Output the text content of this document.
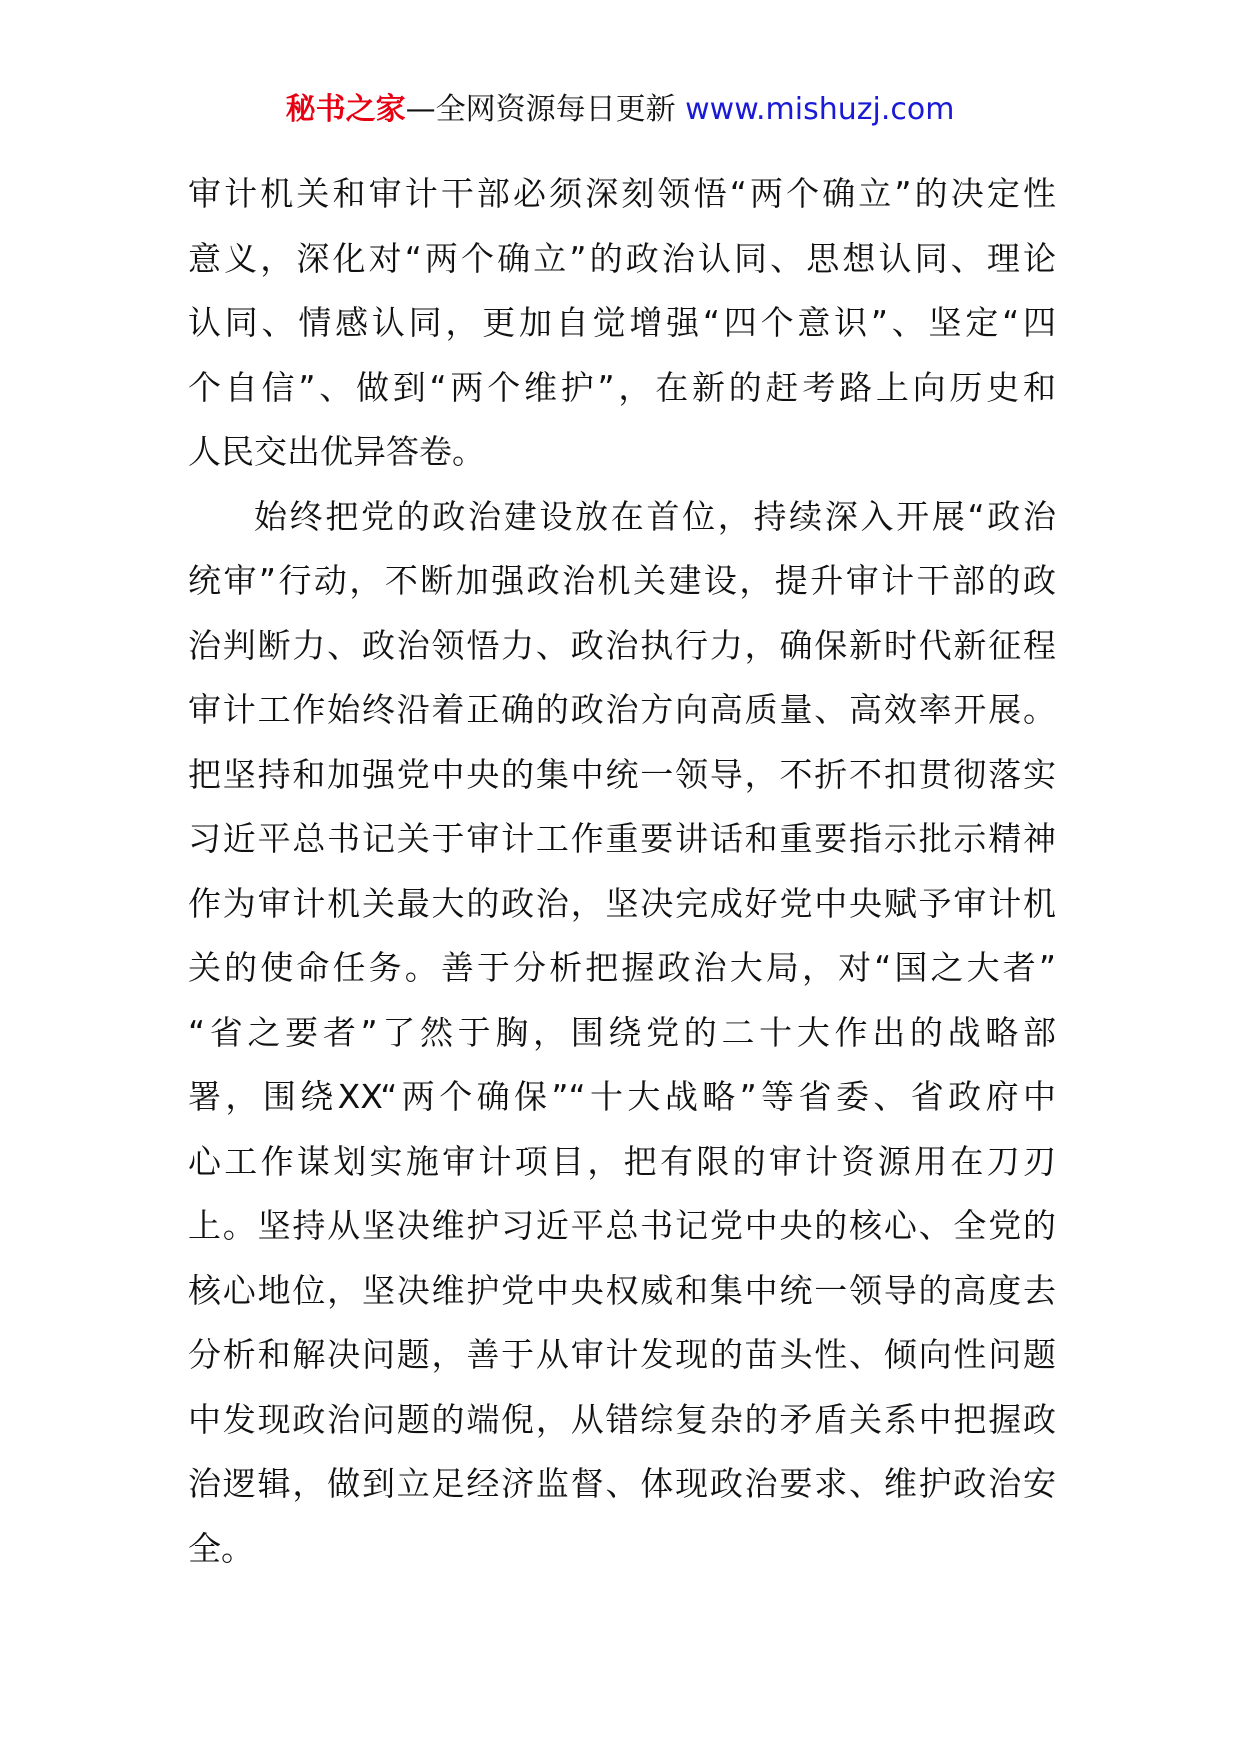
秘书之家—全网资源每日更新 www.mishuzj.com
审计机关和审计干部必须深刻领悟“两个确立”的决定性
意义，深化对“两个确立”的政治认同、思想认同、理论
认同、情感认同，更加自觉增强“四个意识”、坚定“四
个自信”、做到“两个维护”，在新的赶考路上向历史和
人民交出优异答卷。
始终把党的政治建设放在首位，持续深入开展“政治
统审”行动，不断加强政治机关建设，提升审计干部的政
治判断力、政治领悟力、政治执行力，确保新时代新征程
审计工作始终沿着正确的政治方向高质量、高效率开展。
把坚持和加强党中央的集中统一领导，不折不扣贯彻落实
习近平总书记关于审计工作重要讲话和重要指示批示精神
作为审计机关最大的政治，坚决完成好党中央赋予审计机
关的使命任务。善于分析把握政治大局，对“国之大者”
“省之要者”了然于胸，围绕党的二十大作出的战略部
署，围绕XX“两个确保”“十大战略”等省委、省政府中
心工作谋划实施审计项目，把有限的审计资源用在刀刃
上。坚持从坚决维护习近平总书记党中央的核心、全党的
核心地位，坚决维护党中央权威和集中统一领导的高度去
分析和解决问题，善于从审计发现的苗头性、倾向性问题
中发现政治问题的端倪，从错综复杂的矛盾关系中把握政
治逻辑，做到立足经济监督、体现政治要求、维护政治安
全。
